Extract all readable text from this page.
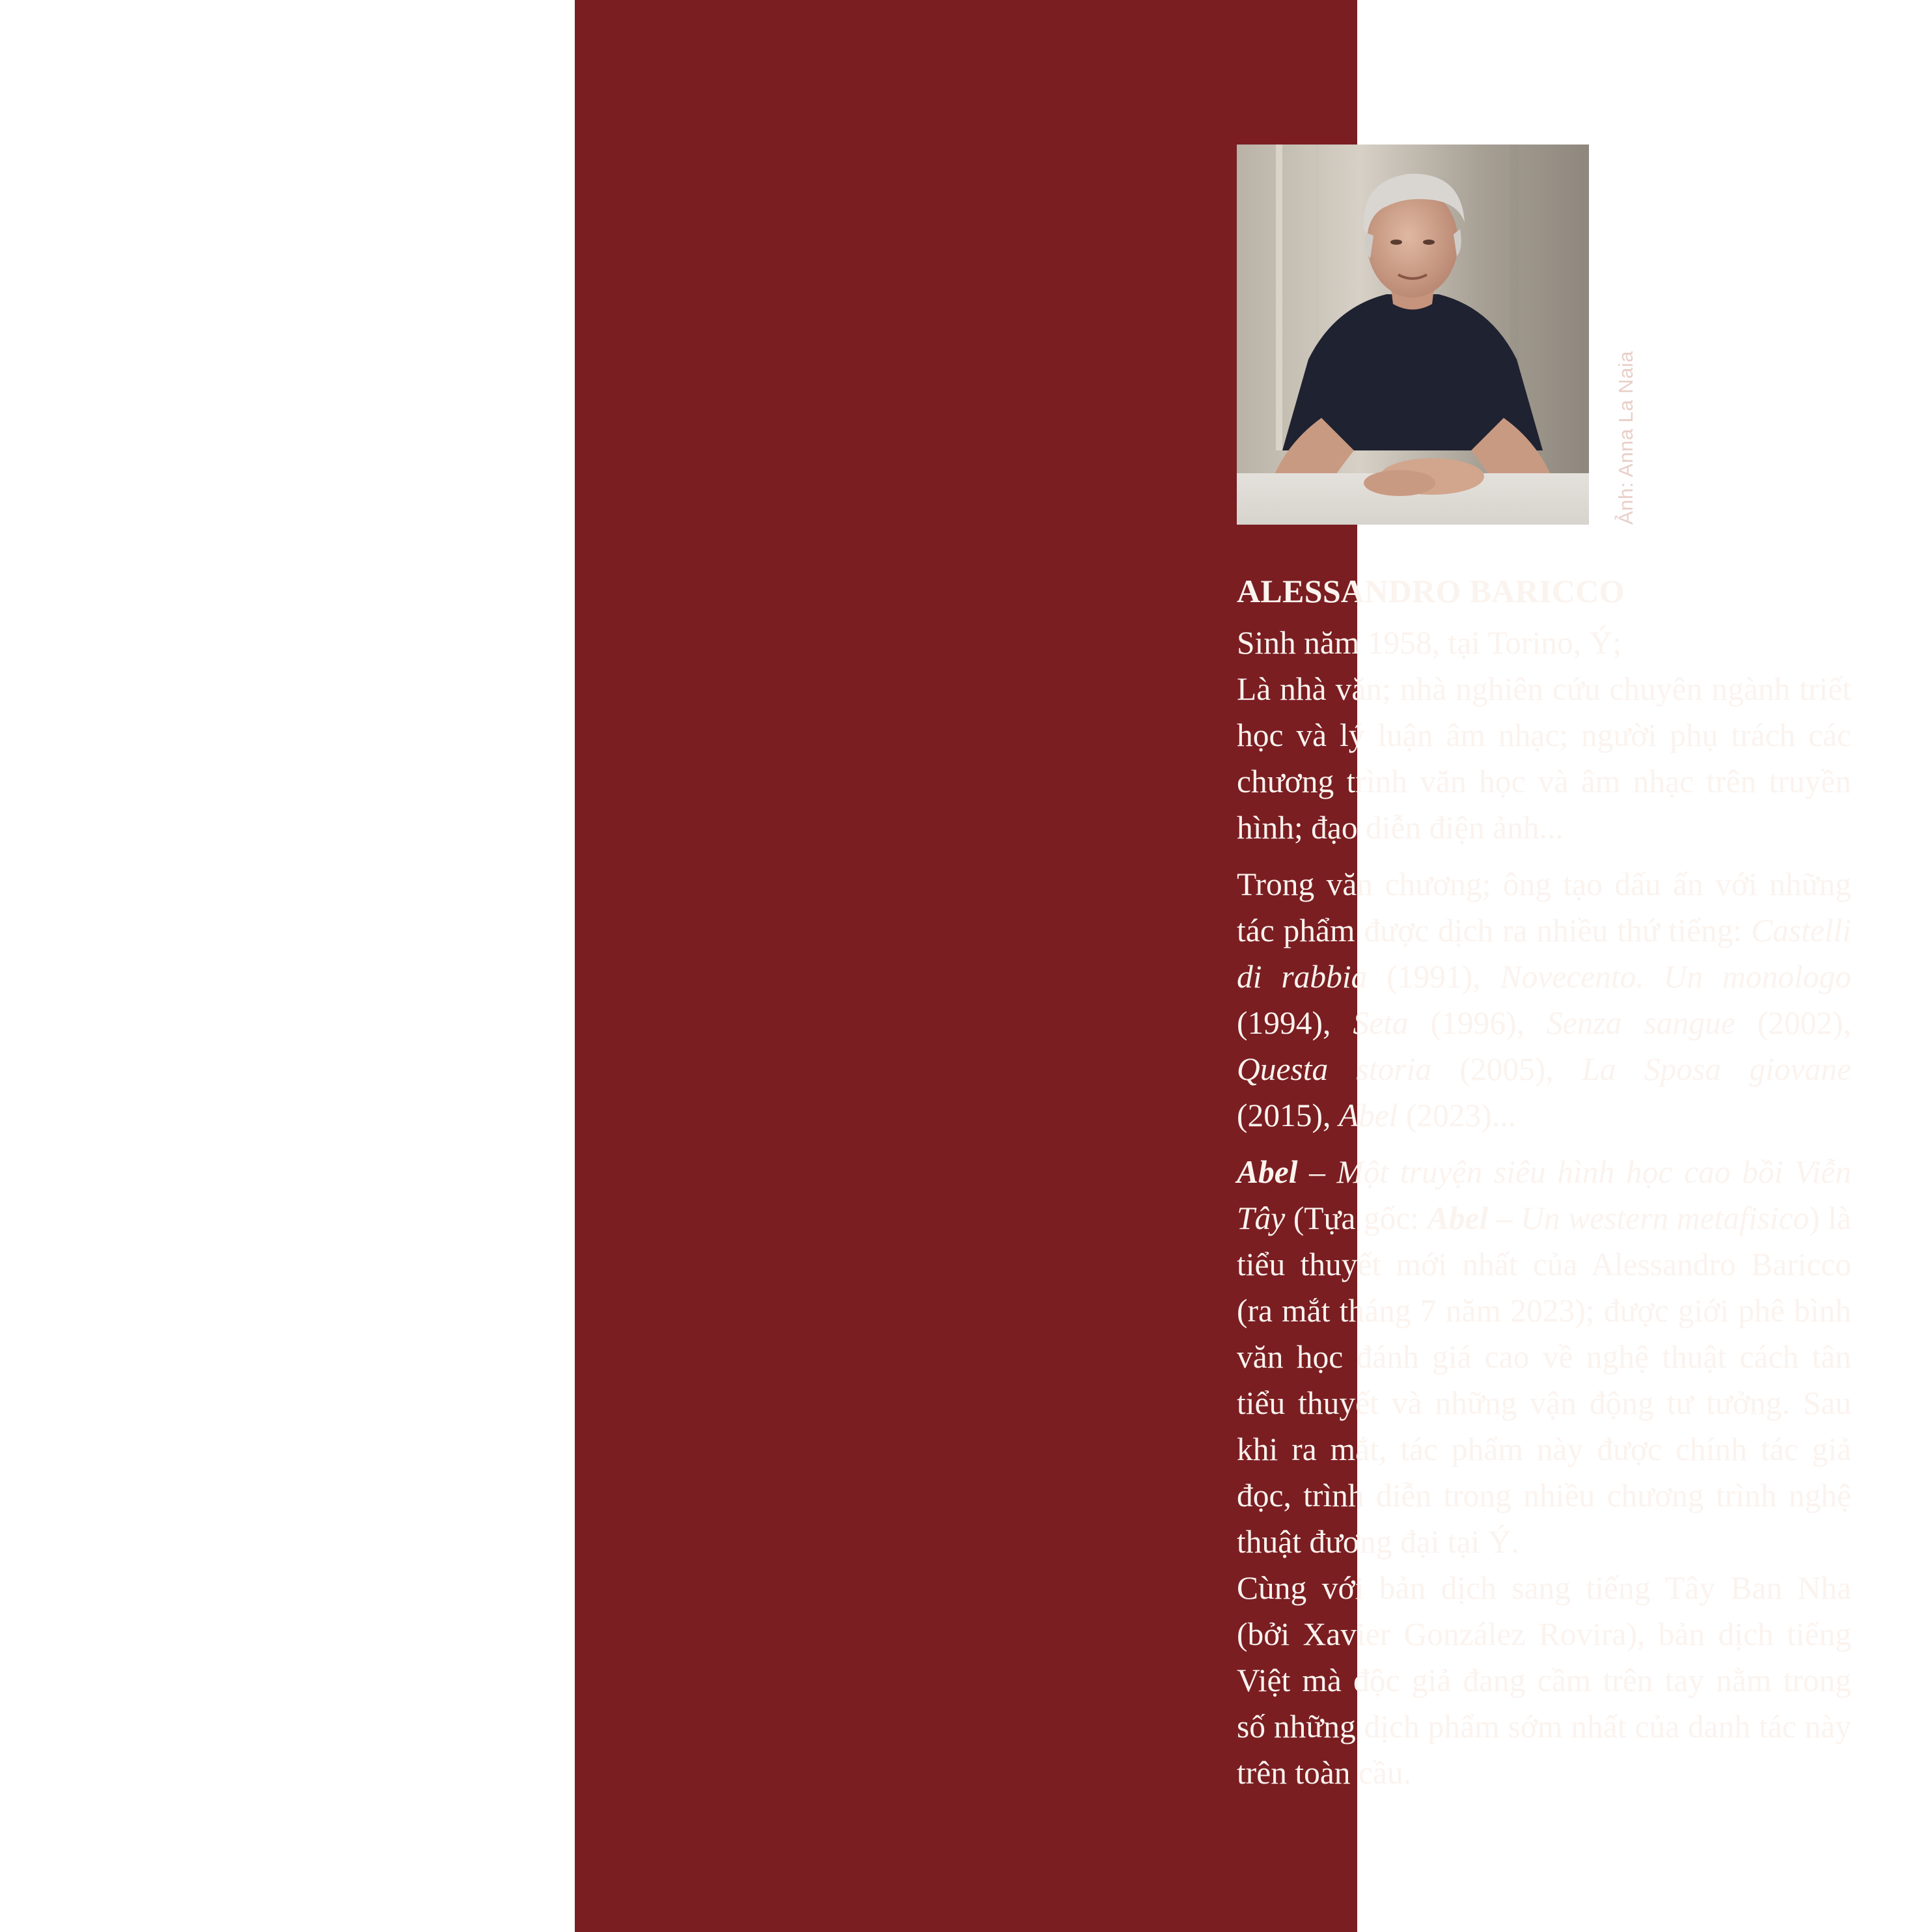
Ảnh: Anna La Naia
ALESSANDRO BARICCO

Sinh năm 1958, tại Torino, Ý;

Là nhà văn; nhà nghiên cứu chuyên ngành triết học và lý luận âm nhạc; người phụ trách các chương trình văn học và âm nhạc trên truyền hình; đạo diễn điện ảnh...

Trong văn chương; ông tạo dấu ấn với những tác phẩm được dịch ra nhiều thứ tiếng: Castelli di rabbia (1991), Novecento. Un monologo (1994), Seta (1996), Senza sangue (2002), Questa storia (2005), La Sposa giovane (2015), Abel (2023)...

Abel – Một truyện siêu hình học cao bồi Viễn Tây (Tựa gốc: Abel – Un western metafisico) là tiểu thuyết mới nhất của Alessandro Baricco (ra mắt tháng 7 năm 2023); được giới phê bình văn học đánh giá cao về nghệ thuật cách tân tiểu thuyết và những vận động tư tưởng. Sau khi ra mắt, tác phẩm này được chính tác giả đọc, trình diễn trong nhiều chương trình nghệ thuật đương đại tại Ý.

Cùng với bản dịch sang tiếng Tây Ban Nha (bởi Xavier González Rovira), bản dịch tiếng Việt mà độc giả đang cầm trên tay nằm trong số những dịch phẩm sớm nhất của danh tác này trên toàn cầu.
